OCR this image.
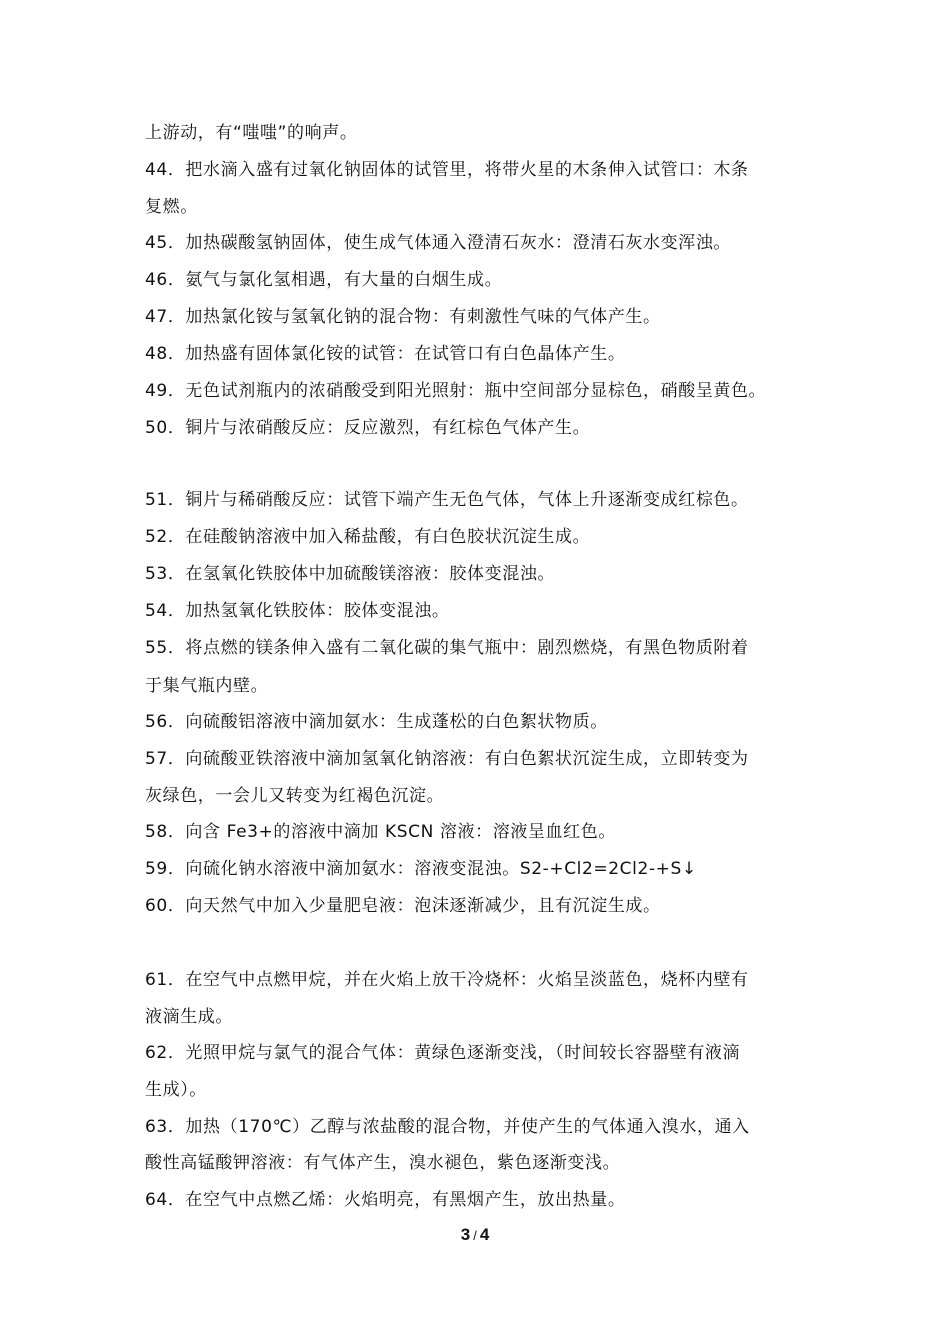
上游动，有“嗤嗤”的响声。
44．把水滴入盛有过氧化钠固体的试管里，将带火星的木条伸入试管口：木条
复燃。
45．加热碳酸氢钠固体，使生成气体通入澄清石灰水：澄清石灰水变浑浊。
46．氨气与氯化氢相遇，有大量的白烟生成。
47．加热氯化铵与氢氧化钠的混合物：有刺激性气味的气体产生。
48．加热盛有固体氯化铵的试管：在试管口有白色晶体产生。
49．无色试剂瓶内的浓硝酸受到阳光照射：瓶中空间部分显棕色，硝酸呈黄色。
50．铜片与浓硝酸反应：反应激烈，有红棕色气体产生。
51．铜片与稀硝酸反应：试管下端产生无色气体，气体上升逐渐变成红棕色。
52．在硅酸钠溶液中加入稀盐酸，有白色胶状沉淀生成。
53．在氢氧化铁胶体中加硫酸镁溶液：胶体变混浊。
54．加热氢氧化铁胶体：胶体变混浊。
55．将点燃的镁条伸入盛有二氧化碳的集气瓶中：剧烈燃烧，有黑色物质附着
于集气瓶内壁。
56．向硫酸铝溶液中滴加氨水：生成蓬松的白色絮状物质。
57．向硫酸亚铁溶液中滴加氢氧化钠溶液：有白色絮状沉淀生成，立即转变为
灰绿色，一会儿又转变为红褐色沉淀。
58．向含 Fe3+的溶液中滴加 KSCN 溶液：溶液呈血红色。
59．向硫化钠水溶液中滴加氨水：溶液变混浊。S2-+Cl2=2Cl2-+S↓
60．向天然气中加入少量肥皂液：泡沫逐渐减少，且有沉淀生成。
61．在空气中点燃甲烷，并在火焰上放干冷烧杯：火焰呈淡蓝色，烧杯内壁有
液滴生成。
62．光照甲烷与氯气的混合气体：黄绿色逐渐变浅，（时间较长容器壁有液滴
生成）。
63．加热（170℃）乙醇与浓盐酸的混合物，并使产生的气体通入溴水，通入
酸性高锰酸钾溶液：有气体产生，溴水褪色，紫色逐渐变浅。
64．在空气中点燃乙烯：火焰明亮，有黑烟产生，放出热量。
3 / 4
